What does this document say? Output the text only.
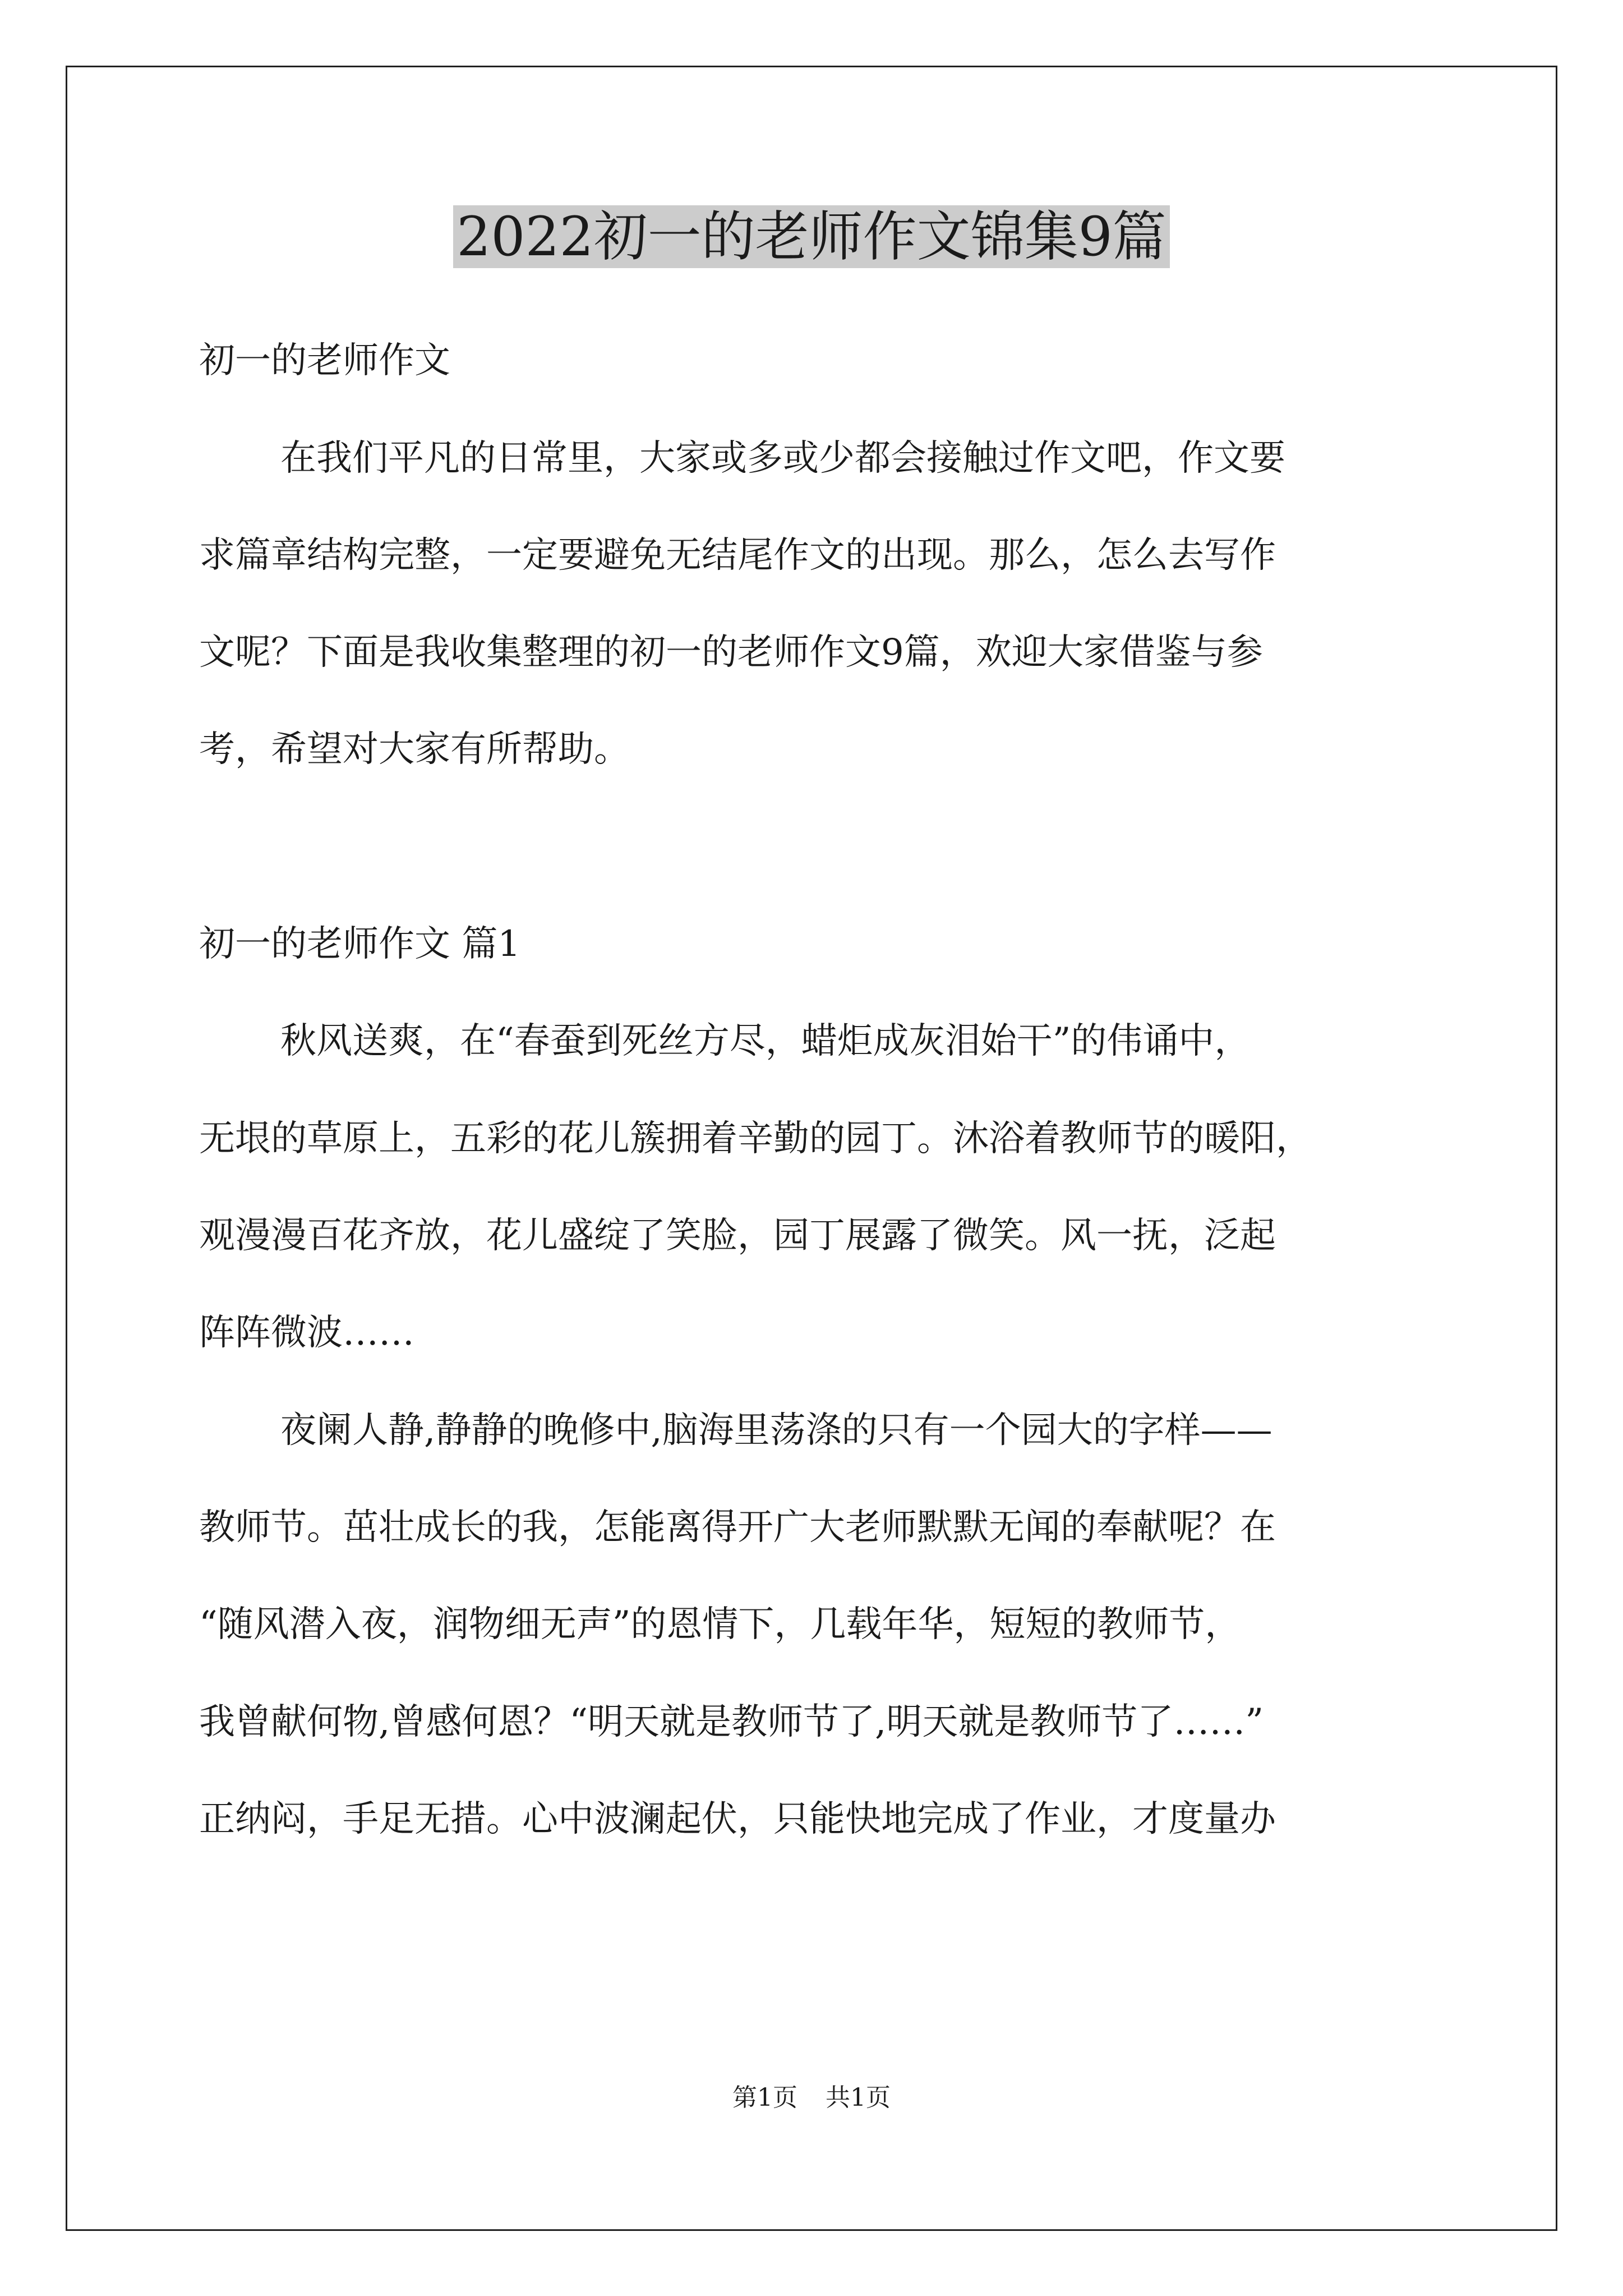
2022初一的老师作文锦集9篇

初一的老师作文

在我们平凡的日常里，大家或多或少都会接触过作文吧，作文要

求篇章结构完整，一定要避免无结尾作文的出现。那么，怎么去写作

文呢？下面是我收集整理的初一的老师作文9篇，欢迎大家借鉴与参

考，希望对大家有所帮助。

初一的老师作文 篇1

秋风送爽，在“春蚕到死丝方尽，蜡炬成灰泪始干”的伟诵中，

无垠的草原上，五彩的花儿簇拥着辛勤的园丁。沐浴着教师节的暖阳，

观漫漫百花齐放，花儿盛绽了笑脸，园丁展露了微笑。风一抚，泛起

阵阵微波……

夜阑人静,静静的晚修中,脑海里荡涤的只有一个园大的字样——

教师节。茁壮成长的我，怎能离得开广大老师默默无闻的奉献呢？在

“随风潜入夜，润物细无声”的恩情下，几载年华，短短的教师节，

我曾献何物,曾感何恩？“明天就是教师节了,明天就是教师节了……”

正纳闷，手足无措。心中波澜起伏，只能快地完成了作业，才度量办

第1页 共1页
